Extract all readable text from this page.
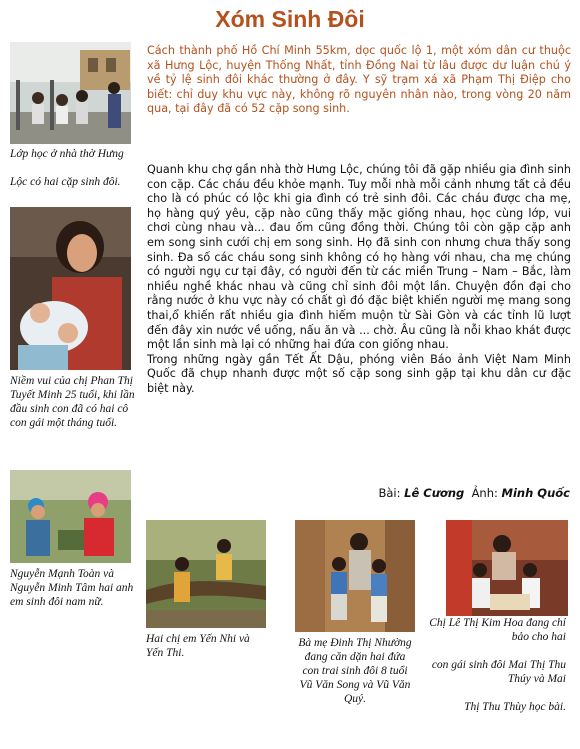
Xóm Sinh Đôi

Lớp học ở nhà thờ Hưng

Lộc có hai cặp sinh đôi.

Niềm vui của chị Phan Thị Tuyết Minh 25 tuổi, khi lần đầu sinh con đã có hai cô con gái một tháng tuổi.

Nguyễn Mạnh Toàn và Nguyễn Minh Tâm hai anh em sinh đôi nam nữ.

Cách thành phố Hồ Chí Minh 55km, dọc quốc lộ 1, một xóm dân cư thuộc xã Hưng Lộc, huyện Thống Nhất, tỉnh Đồng Nai từ lâu được dư luận chú ý về tỷ lệ sinh đôi khác thường ở đây. Y sỹ trạm xá xã Phạm Thị Điệp cho biết: chỉ duy khu vực này, không rõ nguyên nhân nào, trong vòng 20 năm qua, tại đây đã có 52 cặp song sinh.

Quanh khu chợ gần nhà thờ Hưng Lộc, chúng tôi đã gặp nhiều gia đình sinh con cặp. Các cháu đều khỏe mạnh. Tuy mỗi nhà mỗi cảnh nhưng tất cả đều cho là có phúc có lộc khi gia đình có trẻ sinh đôi. Các cháu được cha mẹ, họ hàng quý yêu, cặp nào cũng thấy mặc giống nhau, học cùng lớp, vui chơi cùng nhau và... đau ốm cũng đồng thời. Chúng tôi còn gặp cặp anh em song sinh cưới chị em song sinh. Họ đã sinh con nhưng chưa thấy song sinh. Đa số các cháu song sinh không có họ hàng với nhau, cha mẹ chúng có người ngụ cư tại đây, có người đến từ các miền Trung – Nam – Bắc, làm nhiều nghề khác nhau và cũng chỉ sinh đôi một lần. Chuyện đồn đại cho rằng nước ở khu vực này có chất gì đó đặc biệt khiến người mẹ mang song thai,ổ khiến rất nhiều gia đình hiếm muộn từ Sài Gòn và các tỉnh lũ lượt đến đây xin nước về uống, nấu ăn và ... chờ. Âu cũng là nỗi khao khát được một lần sinh mà lại có những hai đứa con giống nhau.

Trong những ngày gần Tết Ất Dậu, phóng viên Báo ảnh Việt Nam Minh Quốc đã chụp nhanh được một số cặp song sinh gặp tại khu dân cư đặc biệt này.

Bài: Lê Cương Ảnh: Minh Quốc

Hai chị em Yến Nhi và Yến Thi.

Bà mẹ Đinh Thị Nhường đang căn dặn hai đứa con trai sinh đôi 8 tuổi Vũ Văn Song và Vũ Văn Quý.

Chị Lê Thị Kim Hoa đang chỉ bảo cho hai

con gái sinh đôi Mai Thị Thu Thúy và Mai

Thị Thu Thùy học bài.
